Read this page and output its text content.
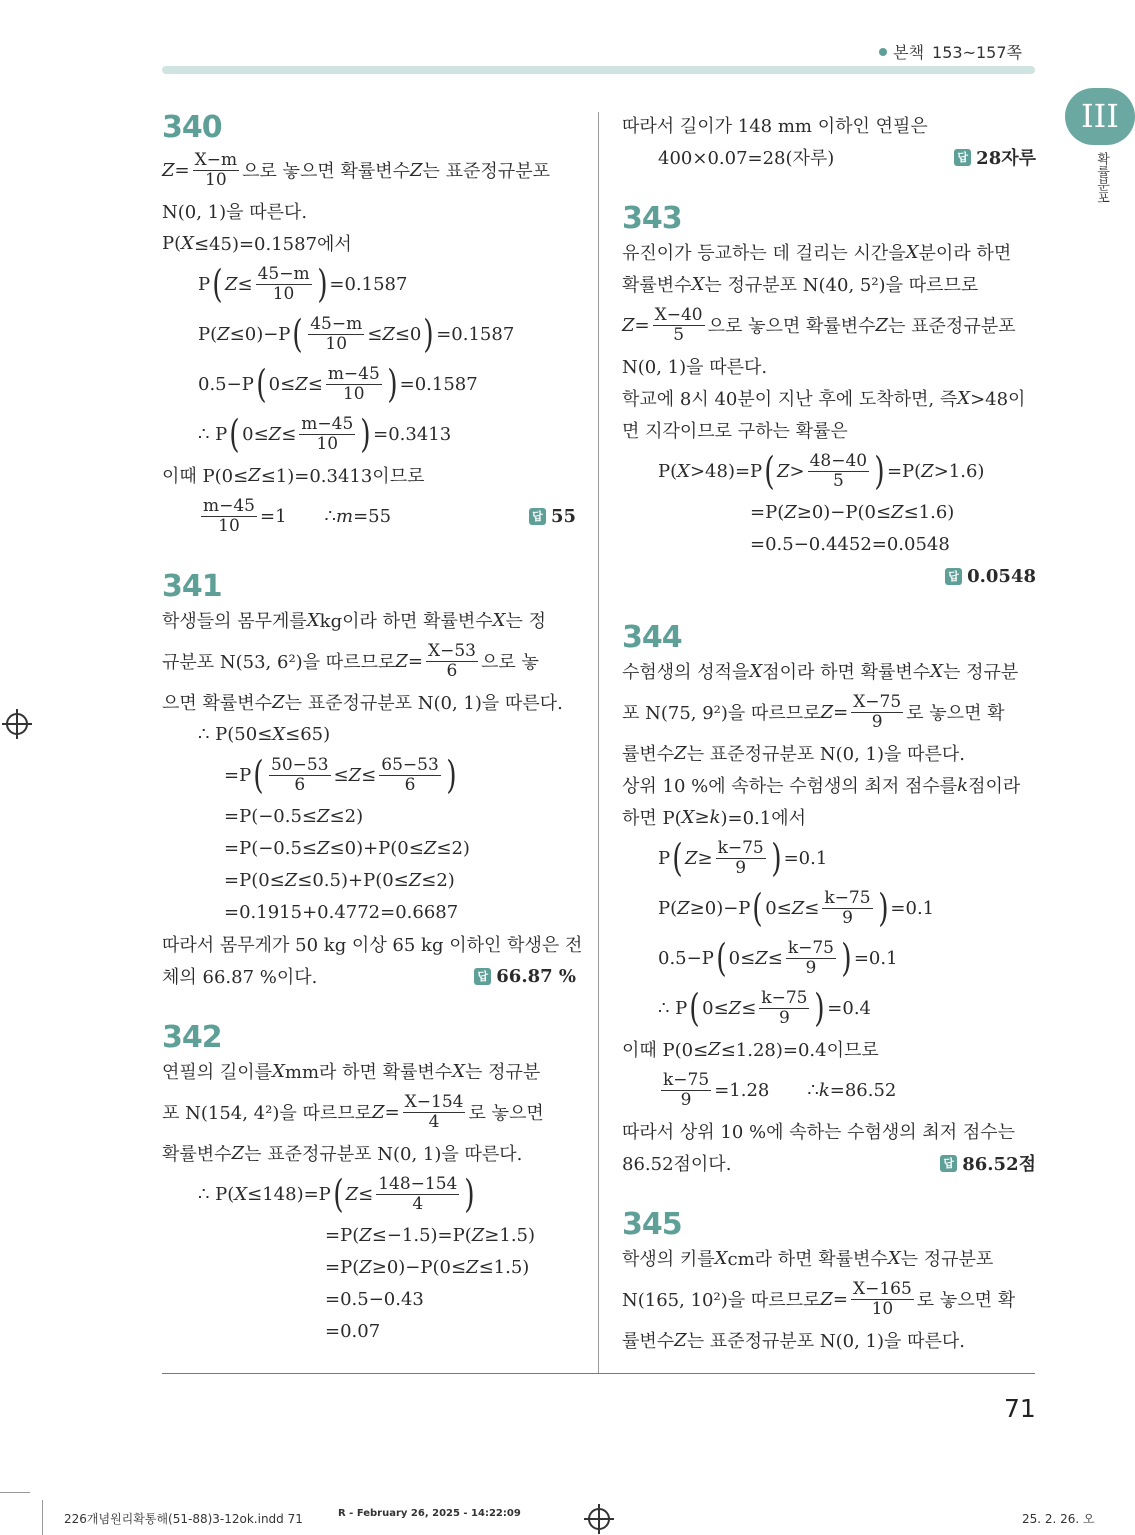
본책 153~157쪽
III
확률분포
340
$Z = \frac{X-m}{10}$ 으로 놓으면 확률변수 Z 는 표준정규분포
N(0, 1)을 따른다.
P( X ≤45)=0.1587에서
P ( $Z \le \frac{45-m}{10}$ ) =0.1587
P( Z ≤0)−P ( $\frac{45-m}{10} \le Z \le 0$ ) =0.1587
0.5−P ( $0\le Z \le \frac{m-45}{10}$ ) =0.1587
∴ P ( $0\le Z \le \frac{m-45}{10}$ ) =0.3413
이때 P(0≤ Z ≤1)=0.3413이므로
$\frac{m-45}{10} =1$ ∴ m =55	답 55
341
학생들의 몸무게를 X kg이라 하면 확률변수 X 는 정
규분포 N(53, 6²)을 따르므로 $Z = \frac{X-53}{6}$ 으로 놓
으면 확률변수 Z 는 표준정규분포 N(0, 1)을 따른다.
∴ P(50≤ X ≤65)
=P ( $\frac{50-53}{6} \le Z \le \frac{65-53}{6}$ )
=P(−0.5≤ Z ≤2)
=P(−0.5≤ Z ≤0)+P(0≤ Z ≤2)
=P(0≤ Z ≤0.5)+P(0≤ Z ≤2)
=0.1915+0.4772=0.6687
따라서 몸무게가 50 kg 이상 65 kg 이하인 학생은 전
체의 66.87 %이다.	답 66.87 %
342
연필의 길이를 X mm라 하면 확률변수 X 는 정규분
포 N(154, 4²)을 따르므로 $Z = \frac{X-154}{4}$ 로 놓으면
확률변수 Z 는 표준정규분포 N(0, 1)을 따른다.
∴ P( X ≤148)=P ( $Z \le \frac{148-154}{4}$ )
=P( Z ≤−1.5)=P( Z ≥1.5)
=P( Z ≥0)−P(0≤ Z ≤1.5)
=0.5−0.43
=0.07
따라서 길이가 148 mm 이하인 연필은
400×0.07=28(자루)	답 28자루
343
유진이가 등교하는 데 걸리는 시간을 X 분이라 하면
확률변수 X 는 정규분포 N(40, 5²)을 따르므로
$Z = \frac{X-40}{5}$ 으로 놓으면 확률변수 Z 는 표준정규분포
N(0, 1)을 따른다.
학교에 8시 40분이 지난 후에 도착하면, 즉 X >48이
면 지각이므로 구하는 확률은
P( X >48)=P ( $Z > \frac{48-40}{5}$ ) =P( Z >1.6)
=P( Z ≥0)−P(0≤ Z ≤1.6)
=0.5−0.4452=0.0548
답 0.0548
344
수험생의 성적을 X 점이라 하면 확률변수 X 는 정규분
포 N(75, 9²)을 따르므로 $Z = \frac{X-75}{9}$ 로 놓으면 확
률변수 Z 는 표준정규분포 N(0, 1)을 따른다.
상위 10 %에 속하는 수험생의 최저 점수를 k 점이라
하면 P( X ≥ k )=0.1에서
P ( $Z \ge \frac{k-75}{9}$ ) =0.1
P( Z ≥0)−P ( $0\le Z \le \frac{k-75}{9}$ ) =0.1
0.5−P ( $0\le Z \le \frac{k-75}{9}$ ) =0.1
∴ P ( $0\le Z \le \frac{k-75}{9}$ ) =0.4
이때 P(0≤ Z ≤1.28)=0.4이므로
$\frac{k-75}{9} =1.28$ ∴ k =86.52
따라서 상위 10 %에 속하는 수험생의 최저 점수는
86.52점이다.	답 86.52점
345
학생의 키를 X cm라 하면 확률변수 X 는 정규분포
N(165, 10²)을 따르므로 $Z = \frac{X-165}{10}$ 로 놓으면 확
률변수 Z 는 표준정규분포 N(0, 1)을 따른다.
71
226개념원리확통해(51-88)3-12ok.indd 71	R - February 26, 2025 - 14:22:09	25. 2. 26. 오
